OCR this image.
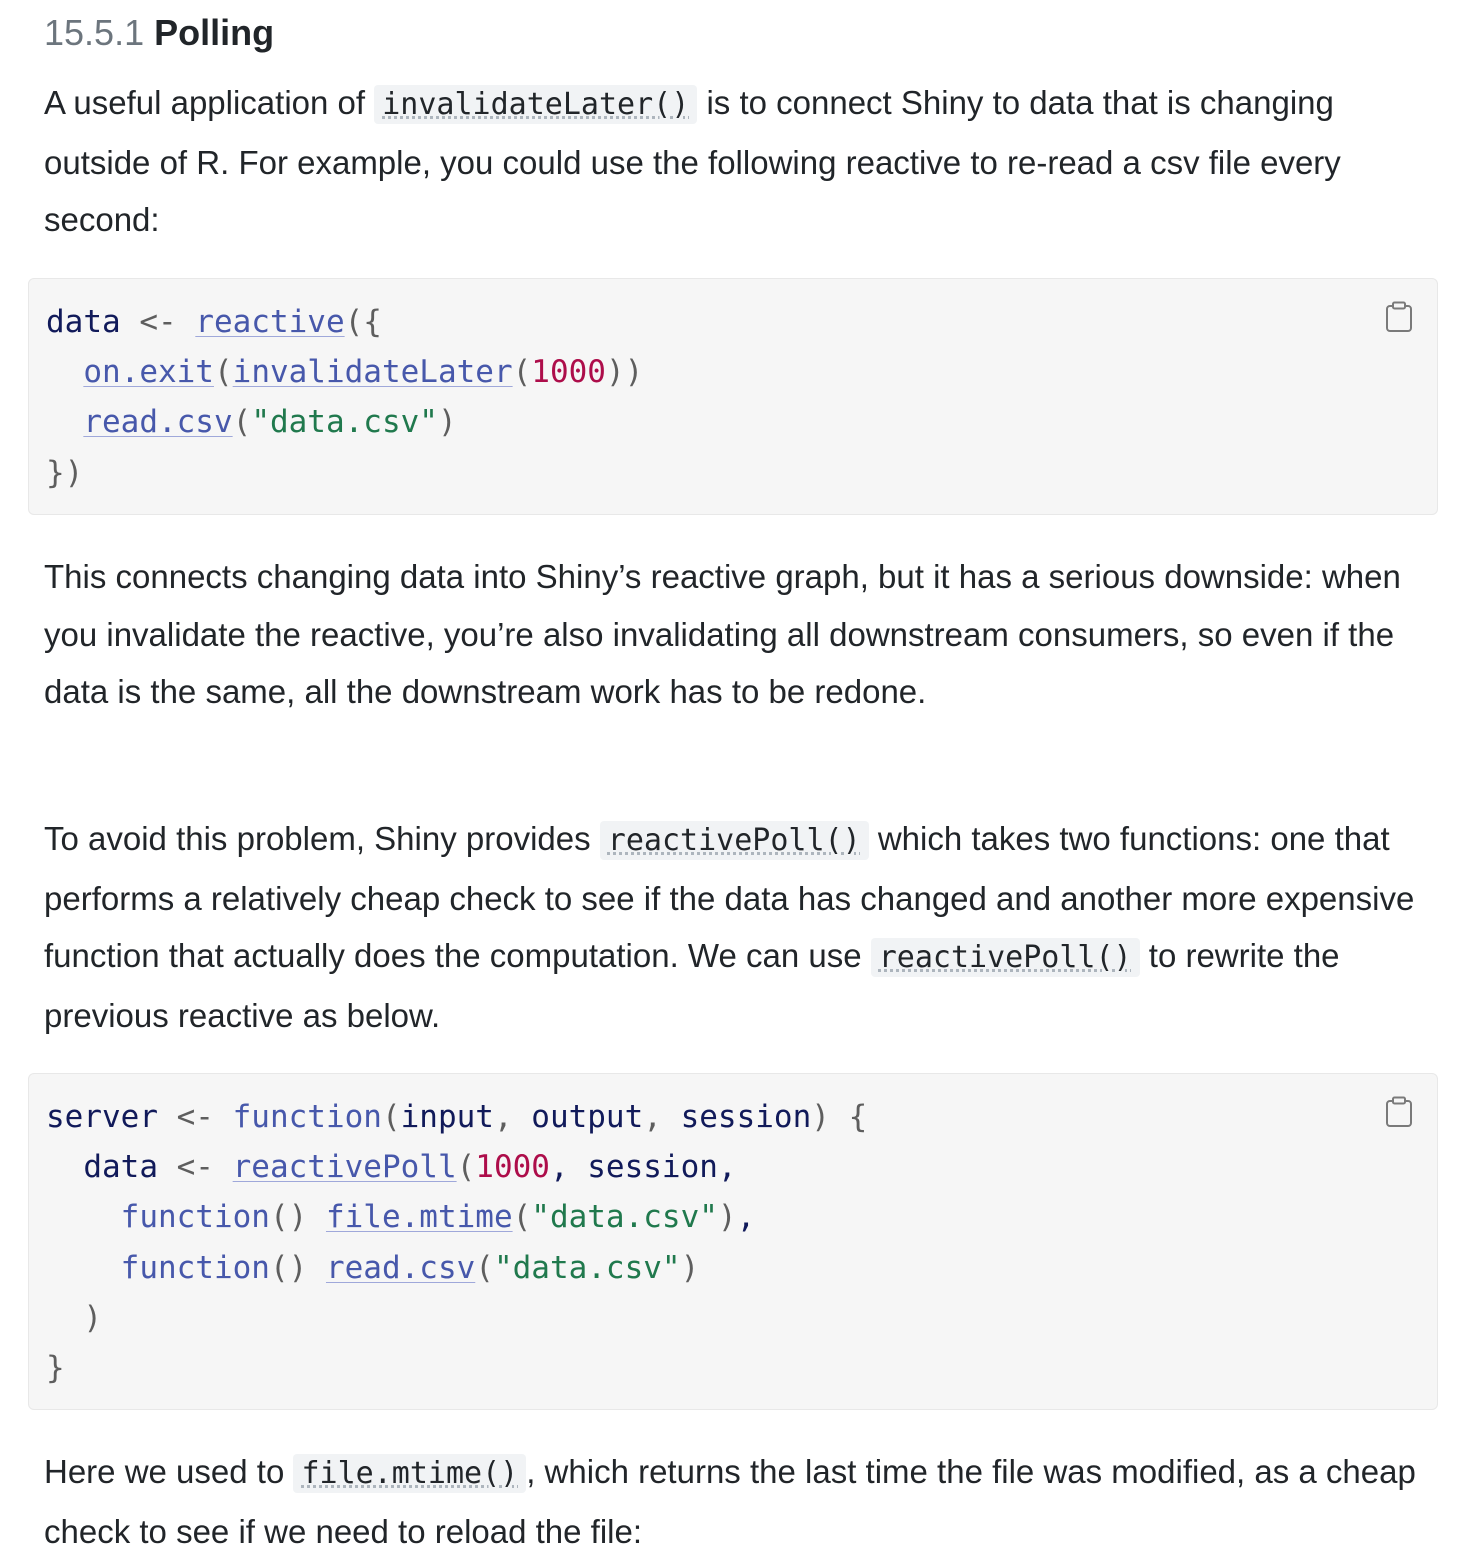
15.5.1 Polling

A useful application of invalidateLater() is to connect Shiny to data that is changing outside of R. For example, you could use the following reactive to re-read a csv file every second:

data <- reactive({
on.exit(invalidateLater(1000))
read.csv("data.csv")
})

This connects changing data into Shiny’s reactive graph, but it has a serious downside: when you invalidate the reactive, you’re also invalidating all downstream consumers, so even if the data is the same, all the downstream work has to be redone.

To avoid this problem, Shiny provides reactivePoll() which takes two functions: one that performs a relatively cheap check to see if the data has changed and another more expensive function that actually does the computation. We can use reactivePoll() to rewrite the previous reactive as below.

server <- function(input, output, session) {
data <- reactivePoll(1000, session,
function() file.mtime("data.csv"),
function() read.csv("data.csv")
)
}

Here we used to file.mtime() , which returns the last time the file was modified, as a cheap check to see if we need to reload the file:
